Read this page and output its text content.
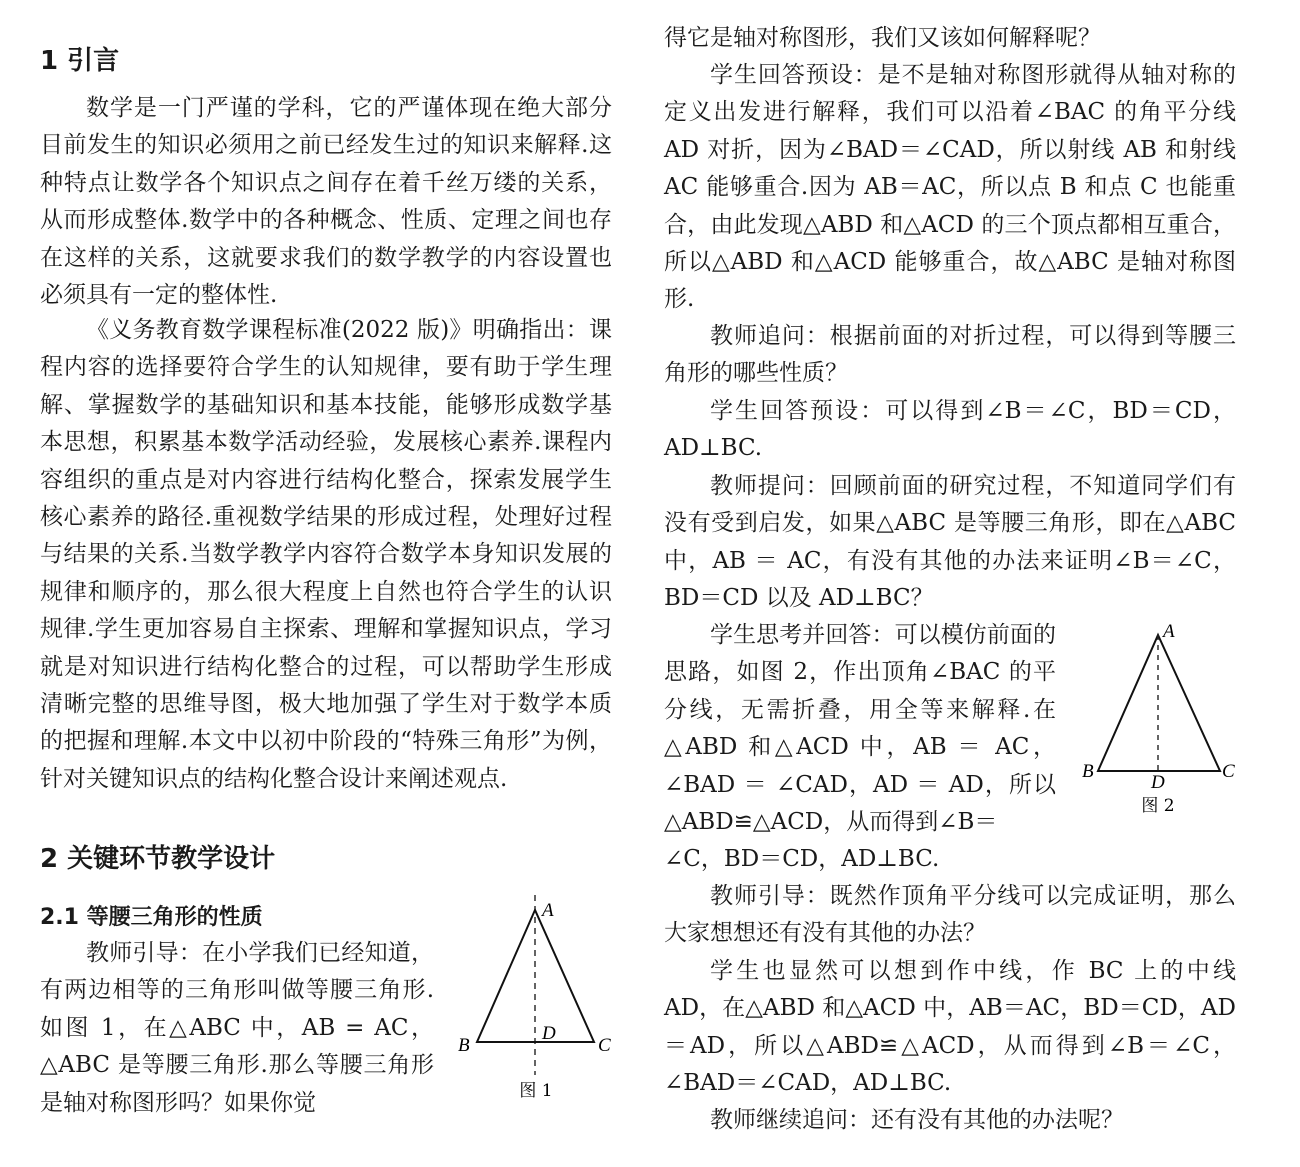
1 引言

数学是一门严谨的学科，它的严谨体现在绝大部分目前发生的知识必须用之前已经发生过的知识来解释.这种特点让数学各个知识点之间存在着千丝万缕的关系，从而形成整体.数学中的各种概念、性质、定理之间也存在这样的关系，这就要求我们的数学教学的内容设置也必须具有一定的整体性.

《义务教育数学课程标准(2022 版)》明确指出：课程内容的选择要符合学生的认知规律，要有助于学生理解、掌握数学的基础知识和基本技能，能够形成数学基本思想，积累基本数学活动经验，发展核心素养.课程内容组织的重点是对内容进行结构化整合，探索发展学生核心素养的路径.重视数学结果的形成过程，处理好过程与结果的关系.当数学教学内容符合数学本身知识发展的规律和顺序的，那么很大程度上自然也符合学生的认识规律.学生更加容易自主探索、理解和掌握知识点，学习就是对知识进行结构化整合的过程，可以帮助学生形成清晰完整的思维导图，极大地加强了学生对于数学本质的把握和理解.本文中以初中阶段的“特殊三角形”为例，针对关键知识点的结构化整合设计来阐述观点.

2 关键环节教学设计
2.1 等腰三角形的性质

教师引导：在小学我们已经知道，有两边相等的三角形叫做等腰三角形.如图 1，在△ABC 中，AB = AC，△ABC 是等腰三角形.那么等腰三角形是轴对称图形吗？如果你觉

A
B	C
D
图 1

得它是轴对称图形，我们又该如何解释呢？

学生回答预设：是不是轴对称图形就得从轴对称的定义出发进行解释，我们可以沿着∠BAC 的角平分线 AD 对折，因为∠BAD＝∠CAD，所以射线 AB 和射线 AC 能够重合.因为 AB＝AC，所以点 B 和点 C 也能重合，由此发现△ABD 和△ACD 的三个顶点都相互重合，所以△ABD 和△ACD 能够重合，故△ABC 是轴对称图形.

教师追问：根据前面的对折过程，可以得到等腰三角形的哪些性质？

学生回答预设：可以得到∠B＝∠C，BD＝CD，AD⊥BC.

教师提问：回顾前面的研究过程，不知道同学们有没有受到启发，如果△ABC 是等腰三角形，即在△ABC 中，AB ＝ AC，有没有其他的办法来证明∠B＝∠C，BD＝CD 以及 AD⊥BC？

学生思考并回答：可以模仿前面的思路，如图 2，作出顶角∠BAC 的平分线，无需折叠，用全等来解释.在△ABD 和△ACD 中，AB ＝ AC，∠BAD ＝ ∠CAD，AD ＝ AD，所以△ABD≌△ACD，从而得到∠B＝

∠C，BD＝CD，AD⊥BC.

教师引导：既然作顶角平分线可以完成证明，那么大家想想还有没有其他的办法？

学生也显然可以想到作中线，作 BC 上的中线 AD，在△ABD 和△ACD 中，AB＝AC，BD＝CD，AD＝AD，所以△ABD≌△ACD，从而得到∠B＝∠C，∠BAD＝∠CAD，AD⊥BC.

教师继续追问：还有没有其他的办法呢？

A
B	C
D
图 2
